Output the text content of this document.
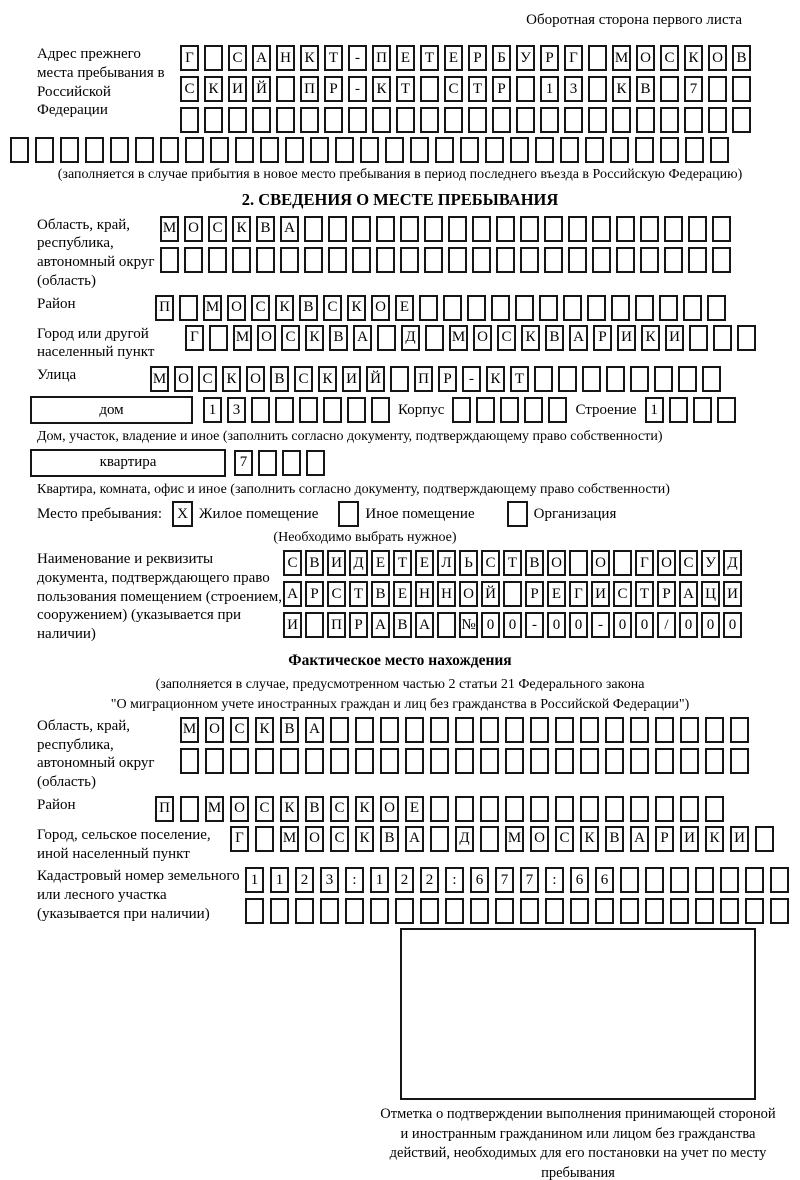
Оборотная сторона первого листа
Адрес прежнего места пребывания в Российской Федерации
Г	С А Н К Т	-	П Е Т Е	Р	Б У Р	Г	М О С К О В
С К И Й П Р	-	К Т	С Т	Р	1	3	К В	7
(заполняется в случае прибытия в новое место пребывания в период последнего въезда в Российскую Федерацию)
2. СВЕДЕНИЯ О МЕСТЕ ПРЕБЫВАНИЯ
Область, край, республика, автономный округ (область)
М О С К В А
Район	П М О С К В С К О Е
Город или другой населенный пункт
Г	М О С К В А Д М О С К В А Р И К И
Улица	М О С К О В С К И Й П Р	-	К Т
дом	1	3	Корпус	Строение 1
Дом, участок, владение и иное (заполнить согласно документу, подтверждающему право собственности)
квартира	7
Квартира, комната, офис и иное (заполнить согласно документу, подтверждающему право собственности)
Место пребывания:	X Жилое помещение	Иное помещение	Организация
(Необходимо выбрать нужное)
Наименование и реквизиты документа, подтверждающего право пользования помещением (строением, сооружением) (указывается при наличии)
С В И Д Е Т Е Л Ь С Т В О О	Г О С У Д
А Р С Т В Е Н Н О Й	Р Е Г И С Т Р А Ц И
И П Р А В А № 0 0	-	0 0	-	0 0	/	0 0 0
Фактическое место нахождения
(заполняется в случае, предусмотренном частью 2 статьи 21 Федерального закона
"О миграционном учете иностранных граждан и лиц без гражданства в Российской Федерации")
Область, край, республика, автономный округ (область)
М О С К В А
Район	П	М О С К В С К О Е
Город, сельское поселение, иной населенный пункт
Г	М О С К В А	Д	М О С К В А	Р	И К И
Кадастровый номер земельного или лесного участка (указывается при наличии)
1	1	2	3	:	1	2	2	:	6	7	7	:	6	6
Отметка о подтверждении выполнения принимающей стороной и иностранным гражданином или лицом без гражданства действий, необходимых для его постановки на учет по месту пребывания
